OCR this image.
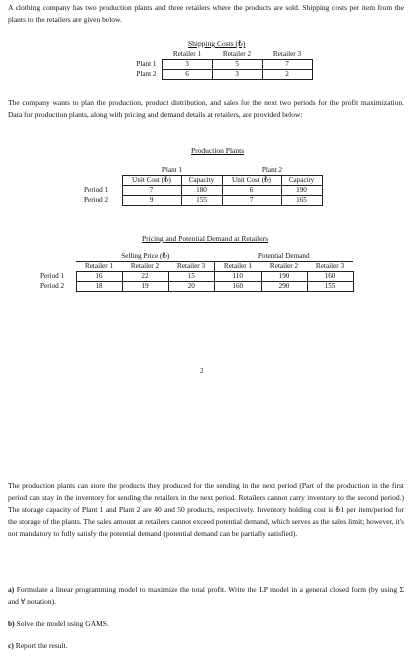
A clothing company has two production plants and three retailers where the products are sold. Shipping costs per item from the plants to the retailers are given below.

Shipping Costs (₺)
	Retailer 1	Retailer 2	Retailer 3
Plant 1	3	5	7
Plant 2	6	3	2

The company wants to plan the production, product distribution, and sales for the next two periods for the profit maximization. Data for production plants, along with pricing and demand details at retailers, are provided below:

Production Plants
	Plant 1		Plant 2	
	Unit Cost (₺)	Capacity	Unit Cost (₺)	Capacity
Period 1	7	180	6	190
Period 2	9	155	7	165
Pricing and Potential Demand at Retailers
	Selling Price (₺)			Potential Demand		
	Retailer 1	Retailer 2	Retailer 3	Retailer 1	Retailer 2	Retailer 3
Period 1	16	22	15	110	190	160
Period 2	18	19	20	160	290	155
2

The production plants can store the products they produced for the sending in the next period (Part of the production in the first period can stay in the inventory for sending the retailers in the next period. Retailers cannot carry inventory to the second period.) The storage capacity of Plant 1 and Plant 2 are 40 and 50 products, respectively. Inventory holding cost is ₺1 per item/period for the storage of the plants. The sales amount at retailers cannot exceed potential demand, which serves as the sales limit; however, it's not mandatory to fully satisfy the potential demand (potential demand can be partially satisfied).

a) Formulate a linear programming model to maximize the total profit. Write the LP model in a general closed form (by using Σ and ∀ notation).

b) Solve the model using GAMS.

c) Report the result.
